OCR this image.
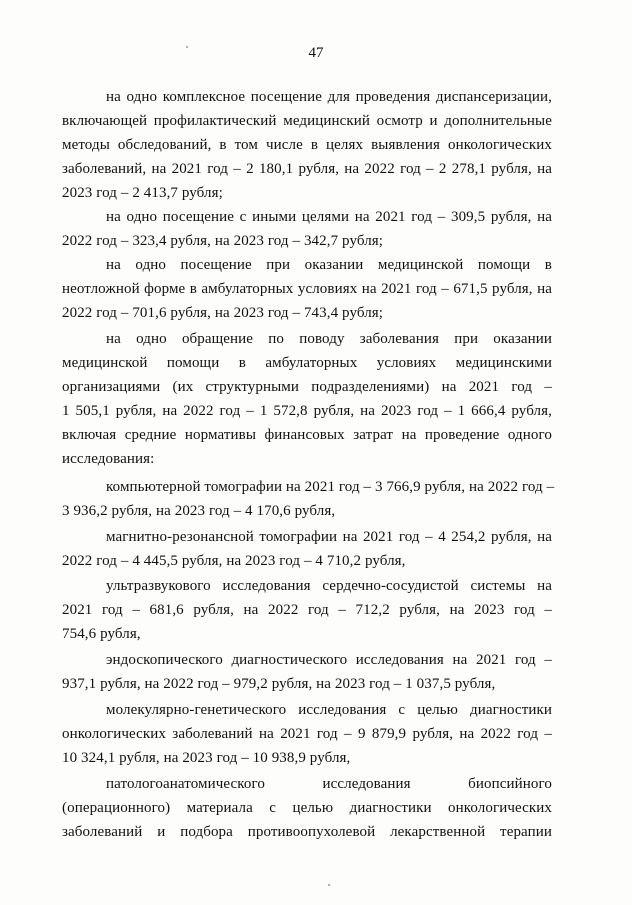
47
на одно комплексное посещение для проведения диспансеризации,
включающей профилактический медицинский осмотр и дополнительные
методы обследований, в том числе в целях выявления онкологических
заболеваний, на 2021 год – 2 180,1 рубля, на 2022 год – 2 278,1 рубля, на
2023 год – 2 413,7 рубля;
на одно посещение с иными целями на 2021 год – 309,5 рубля, на
2022 год – 323,4 рубля, на 2023 год – 342,7 рубля;
на одно посещение при оказании медицинской помощи в
неотложной форме в амбулаторных условиях на 2021 год – 671,5 рубля, на
2022 год – 701,6 рубля, на 2023 год – 743,4 рубля;
на одно обращение по поводу заболевания при оказании
медицинской помощи в амбулаторных условиях медицинскими
организациями (их структурными подразделениями) на 2021 год –
1 505,1 рубля, на 2022 год – 1 572,8 рубля, на 2023 год – 1 666,4 рубля,
включая средние нормативы финансовых затрат на проведение одного
исследования:
компьютерной томографии на 2021 год – 3 766,9 рубля, на 2022 год –
3 936,2 рубля, на 2023 год – 4 170,6 рубля,
магнитно-резонансной томографии на 2021 год – 4 254,2 рубля, на
2022 год – 4 445,5 рубля, на 2023 год – 4 710,2 рубля,
ультразвукового исследования сердечно-сосудистой системы на
2021 год – 681,6 рубля, на 2022 год – 712,2 рубля, на 2023 год –
754,6 рубля,
эндоскопического диагностического исследования на 2021 год –
937,1 рубля, на 2022 год – 979,2 рубля, на 2023 год – 1 037,5 рубля,
молекулярно-генетического исследования с целью диагностики
онкологических заболеваний на 2021 год – 9 879,9 рубля, на 2022 год –
10 324,1 рубля, на 2023 год – 10 938,9 рубля,
патологоанатомического исследования биопсийного
(операционного) материала с целью диагностики онкологических
заболеваний и подбора противоопухолевой лекарственной терапии
